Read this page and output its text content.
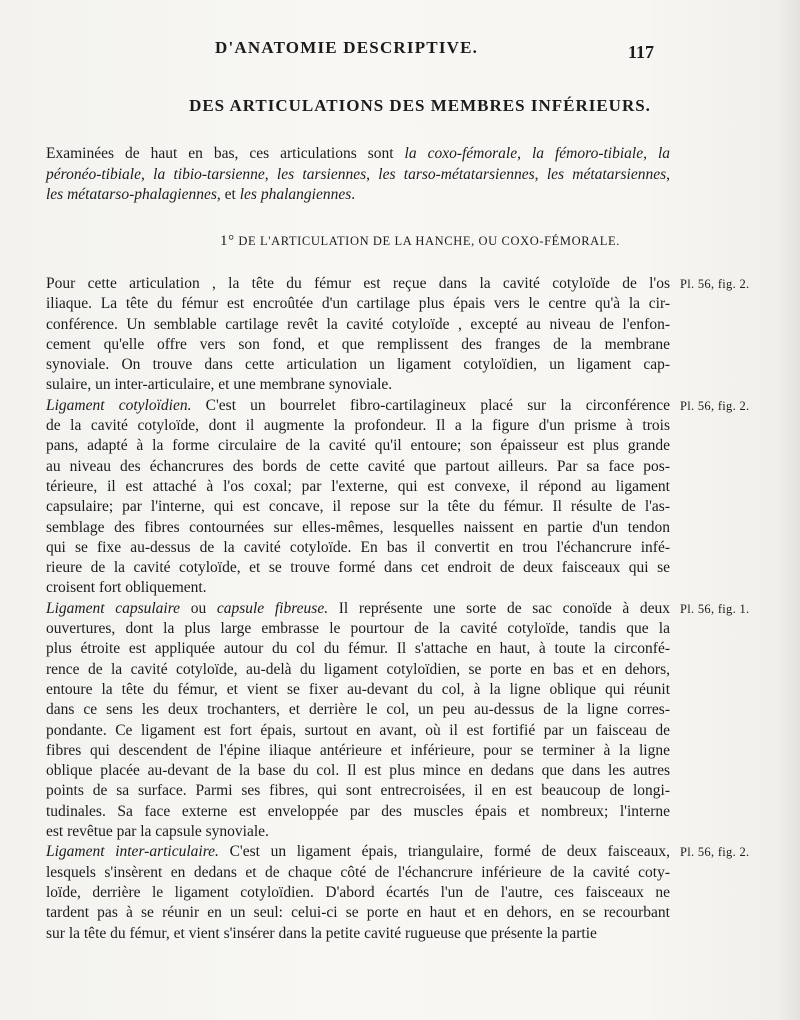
D'ANATOMIE DESCRIPTIVE.	117
DES ARTICULATIONS DES MEMBRES INFÉRIEURS.
Examinées de haut en bas, ces articulations sont la coxo-fémorale, la fémoro-tibiale, la
péronéo-tibiale, la tibio-tarsienne, les tarsiennes, les tarso-métatarsiennes, les métatarsiennes,
les métatarso-phalagiennes, et les phalangiennes.
1° DE L'ARTICULATION DE LA HANCHE, OU COXO-FÉMORALE.
Pour cette articulation , la tête du fémur est reçue dans la cavité cotyloïde de l'os
iliaque. La tête du fémur est encroûtée d'un cartilage plus épais vers le centre qu'à la cir-
conférence. Un semblable cartilage revêt la cavité cotyloïde , excepté au niveau de l'enfon-
cement qu'elle offre vers son fond, et que remplissent des franges de la membrane
synoviale. On trouve dans cette articulation un ligament cotyloïdien, un ligament cap-
sulaire, un inter-articulaire, et une membrane synoviale.
Ligament cotyloïdien. C'est un bourrelet fibro-cartilagineux placé sur la circonférence
de la cavité cotyloïde, dont il augmente la profondeur. Il a la figure d'un prisme à trois
pans, adapté à la forme circulaire de la cavité qu'il entoure; son épaisseur est plus grande
au niveau des échancrures des bords de cette cavité que partout ailleurs. Par sa face pos-
térieure, il est attaché à l'os coxal; par l'externe, qui est convexe, il répond au ligament
capsulaire; par l'interne, qui est concave, il repose sur la tête du fémur. Il résulte de l'as-
semblage des fibres contournées sur elles-mêmes, lesquelles naissent en partie d'un tendon
qui se fixe au-dessus de la cavité cotyloïde. En bas il convertit en trou l'échancrure infé-
rieure de la cavité cotyloïde, et se trouve formé dans cet endroit de deux faisceaux qui se
croisent fort obliquement.
Ligament capsulaire ou capsule fibreuse. Il représente une sorte de sac conoïde à deux
ouvertures, dont la plus large embrasse le pourtour de la cavité cotyloïde, tandis que la
plus étroite est appliquée autour du col du fémur. Il s'attache en haut, à toute la circonfé-
rence de la cavité cotyloïde, au-delà du ligament cotyloïdien, se porte en bas et en dehors,
entoure la tête du fémur, et vient se fixer au-devant du col, à la ligne oblique qui réunit
dans ce sens les deux trochanters, et derrière le col, un peu au-dessus de la ligne corres-
pondante. Ce ligament est fort épais, surtout en avant, où il est fortifié par un faisceau de
fibres qui descendent de l'épine iliaque antérieure et inférieure, pour se terminer à la ligne
oblique placée au-devant de la base du col. Il est plus mince en dedans que dans les autres
points de sa surface. Parmi ses fibres, qui sont entrecroisées, il en est beaucoup de longi-
tudinales. Sa face externe est enveloppée par des muscles épais et nombreux; l'interne
est revêtue par la capsule synoviale.
Ligament inter-articulaire. C'est un ligament épais, triangulaire, formé de deux faisceaux,
lesquels s'insèrent en dedans et de chaque côté de l'échancrure inférieure de la cavité coty-
loïde, derrière le ligament cotyloïdien. D'abord écartés l'un de l'autre, ces faisceaux ne
tardent pas à se réunir en un seul: celui-ci se porte en haut et en dehors, en se recourbant
sur la tête du fémur, et vient s'insérer dans la petite cavité rugueuse que présente la partie
Pl. 56, fig. 2.
Pl. 56, fig. 2.
Pl. 56, fig. 1.
Pl. 56, fig. 2.
